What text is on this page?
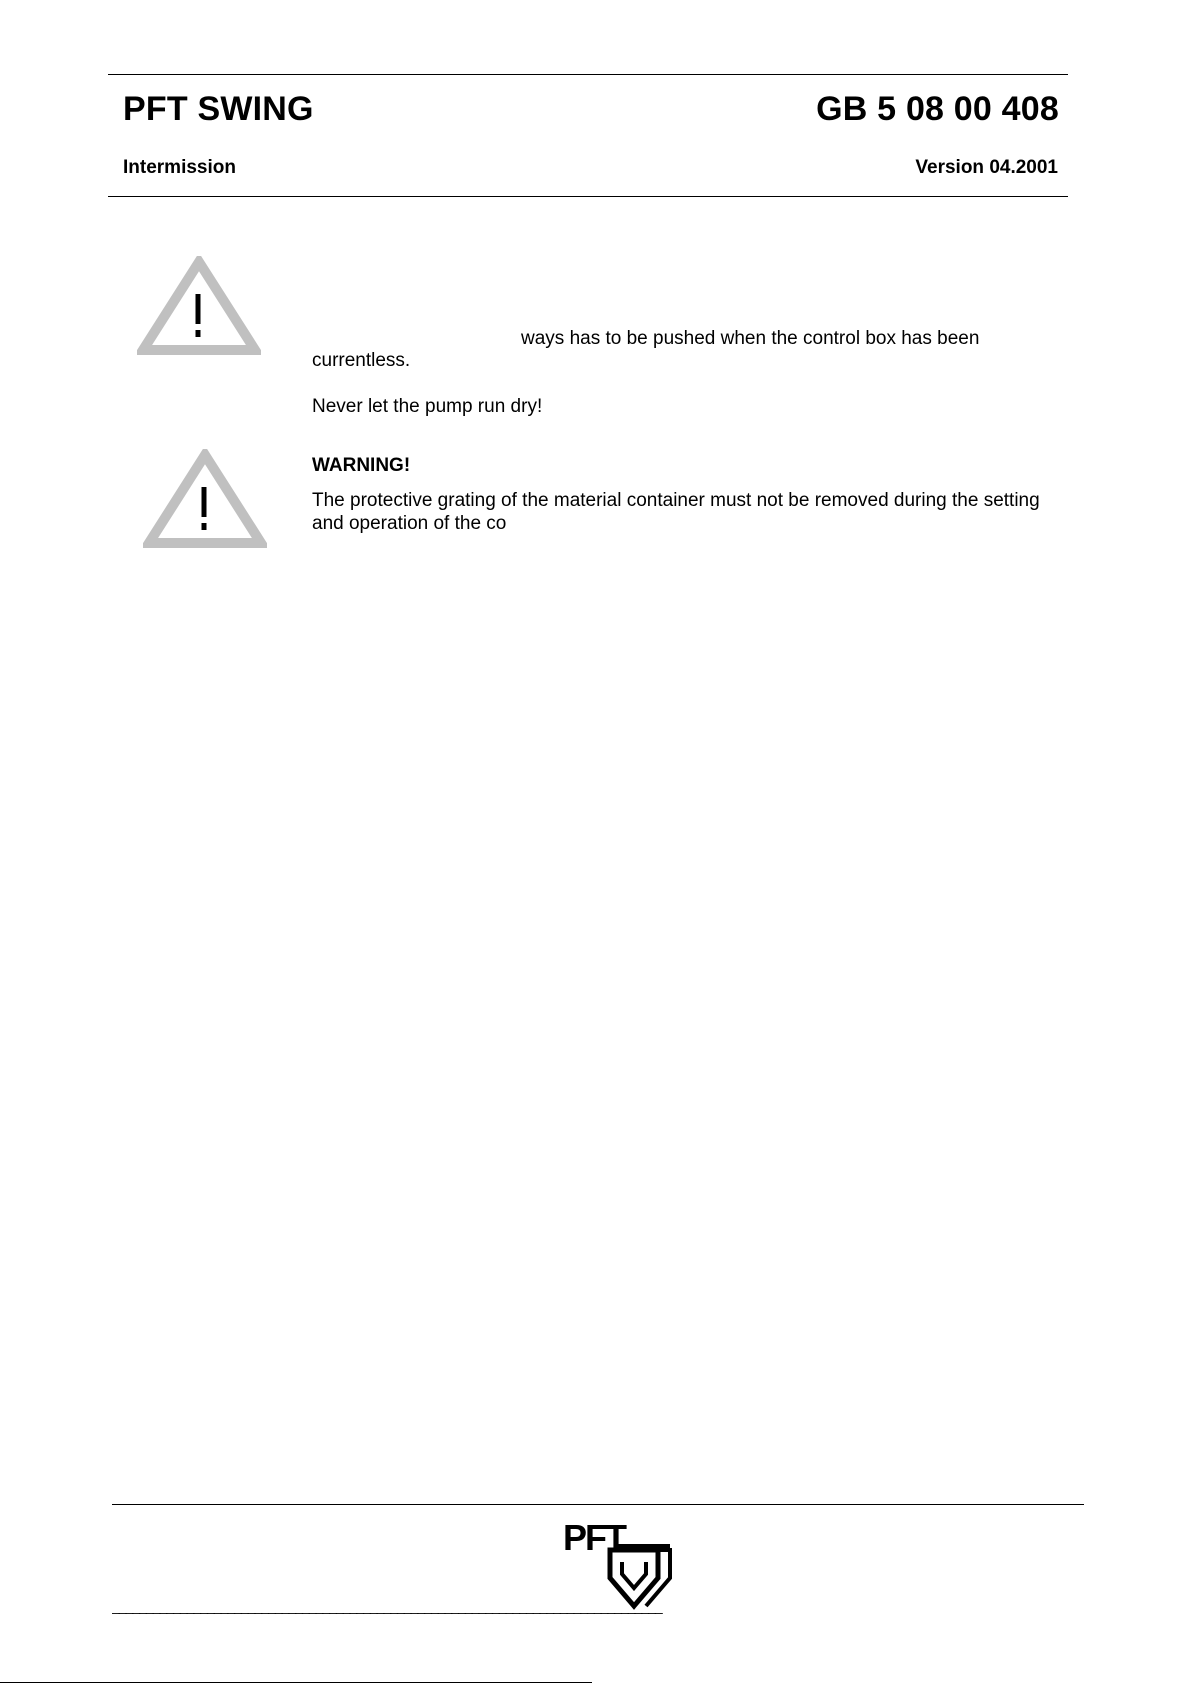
PFT SWING	GB 5 08 00 408
Intermission	Version 04.2001
ways has to be pushed when the control box has been
currentless.
Never let the pump run dry!
WARNING!
The protective grating of the material container must not be removed during the setting
and operation of the co
PFT
_________________________________________________________________________________
